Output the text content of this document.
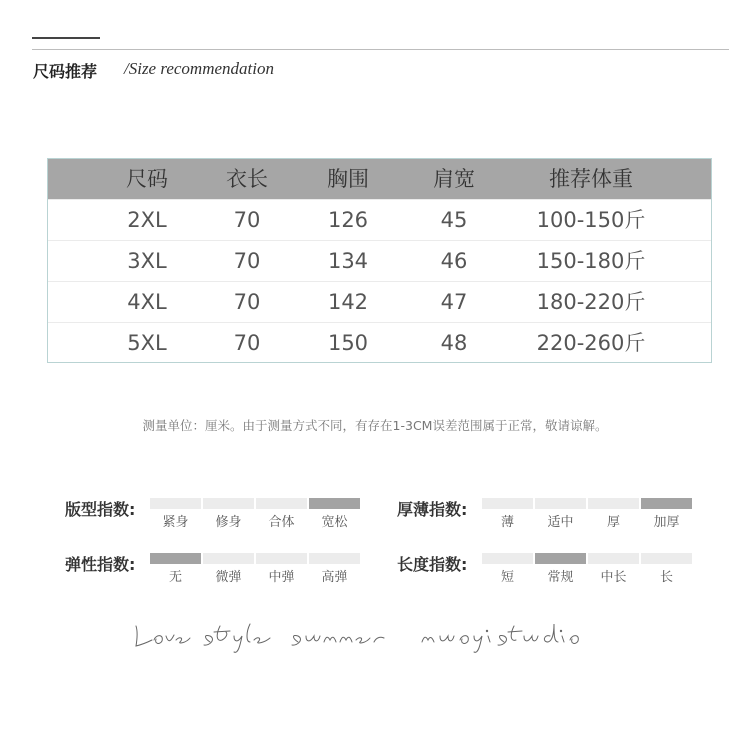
尺码推荐 /Size recommendation
尺码	衣长	胸围	肩宽	推荐体重
2XL	70	126	45	100-150斤
3XL	70	134	46	150-180斤
4XL	70	142	47	180-220斤
5XL	70	150	48	220-260斤
测量单位：厘米。由于测量方式不同，有存在1-3CM误差范围属于正常，敬请谅解。
版型指数:	厚薄指数:
弹性指数:	长度指数:
紧身	修身	合体	宽松	薄	适中	厚	加厚
无	微弹	中弹	高弹	短	常规	中长	长
